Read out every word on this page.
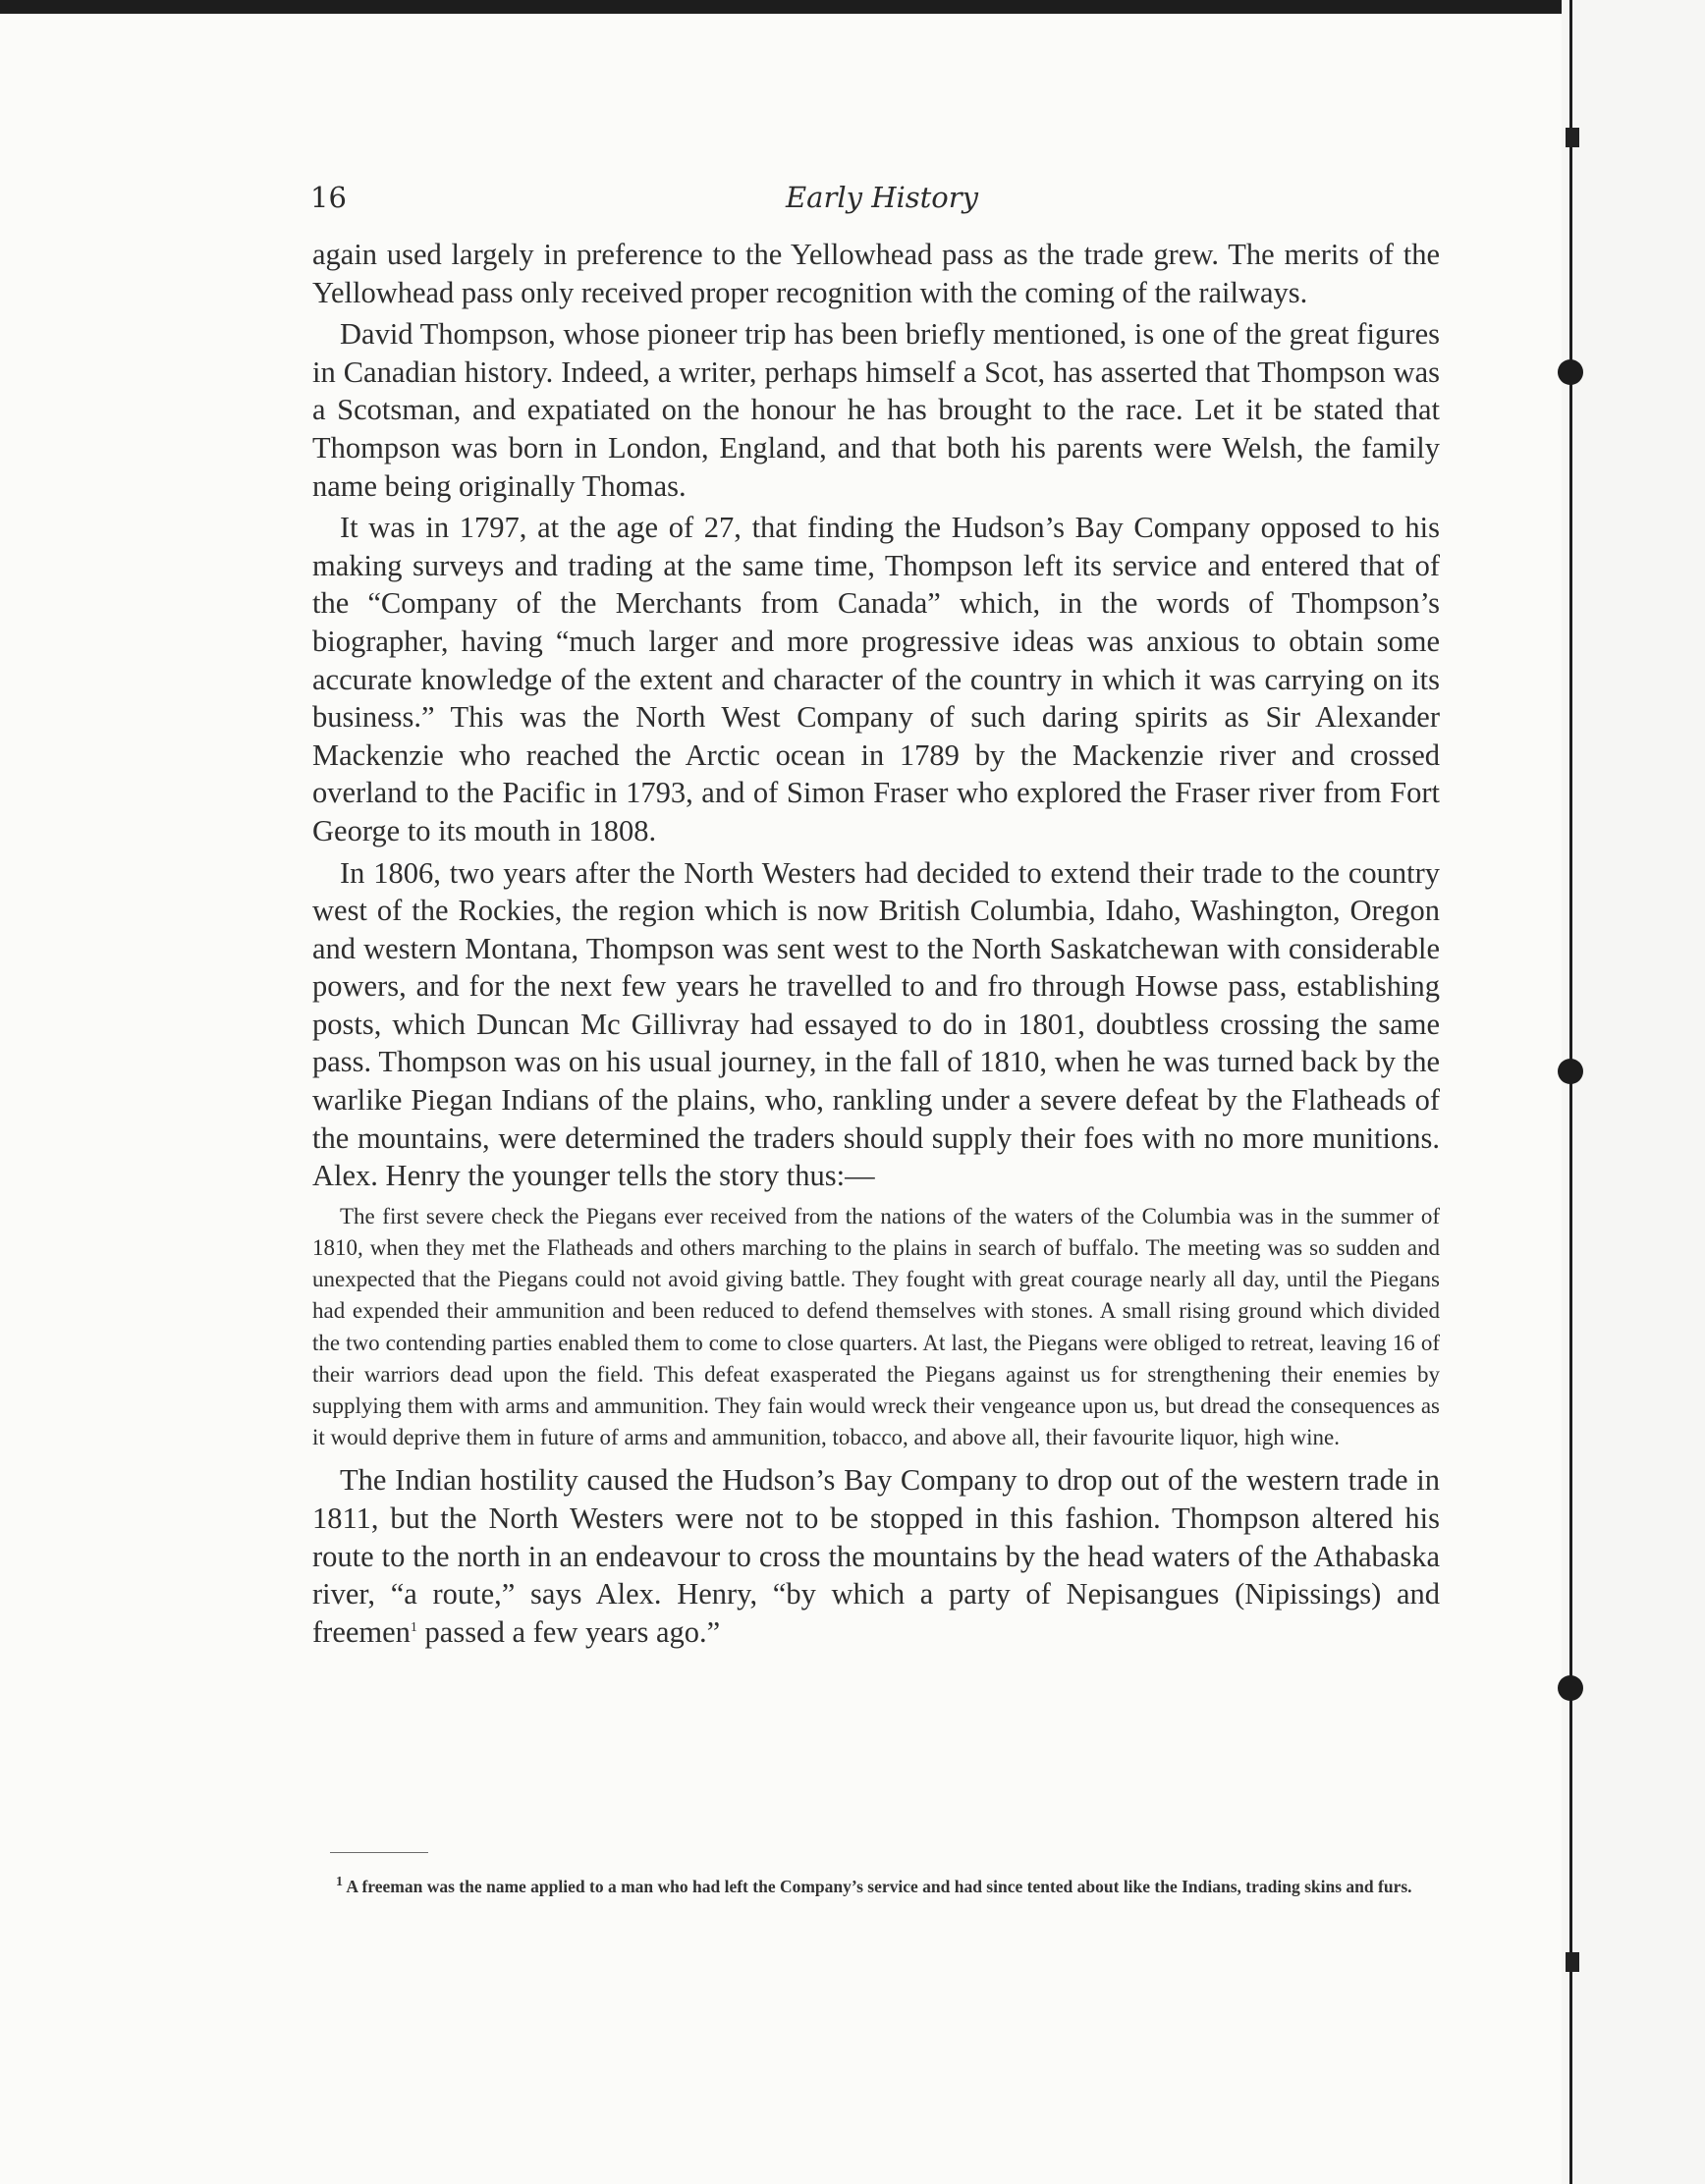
16	Early History

again used largely in preference to the Yellowhead pass as the trade grew. The merits of the Yellowhead pass only received proper recognition with the coming of the railways.

David Thompson, whose pioneer trip has been briefly mentioned, is one of the great figures in Canadian history. Indeed, a writer, perhaps himself a Scot, has asserted that Thompson was a Scotsman, and expatiated on the honour he has brought to the race. Let it be stated that Thompson was born in London, England, and that both his parents were Welsh, the family name being originally Thomas.

It was in 1797, at the age of 27, that finding the Hudson’s Bay Company opposed to his making surveys and trading at the same time, Thompson left its service and entered that of the “Company of the Merchants from Canada” which, in the words of Thompson’s biographer, having “much larger and more progressive ideas was anxious to obtain some accurate knowledge of the extent and character of the country in which it was carrying on its business.” This was the North West Company of such daring spirits as Sir Alexander Mackenzie who reached the Arctic ocean in 1789 by the Mackenzie river and crossed overland to the Pacific in 1793, and of Simon Fraser who explored the Fraser river from Fort George to its mouth in 1808.

In 1806, two years after the North Westers had decided to extend their trade to the country west of the Rockies, the region which is now British Columbia, Idaho, Washington, Oregon and western Montana, Thompson was sent west to the North Saskatchewan with considerable powers, and for the next few years he travelled to and fro through Howse pass, establishing posts, which Duncan Mc Gillivray had essayed to do in 1801, doubtless crossing the same pass. Thompson was on his usual journey, in the fall of 1810, when he was turned back by the warlike Piegan Indians of the plains, who, rankling under a severe defeat by the Flatheads of the mountains, were determined the traders should supply their foes with no more munitions. Alex. Henry the younger tells the story thus:—

The first severe check the Piegans ever received from the nations of the waters of the Columbia was in the summer of 1810, when they met the Flatheads and others marching to the plains in search of buffalo. The meeting was so sudden and unexpected that the Piegans could not avoid giving battle. They fought with great courage nearly all day, until the Piegans had expended their ammunition and been reduced to defend themselves with stones. A small rising ground which divided the two contending parties enabled them to come to close quarters. At last, the Piegans were obliged to retreat, leaving 16 of their warriors dead upon the field. This defeat exasperated the Piegans against us for strengthening their enemies by supplying them with arms and ammunition. They fain would wreck their vengeance upon us, but dread the consequences as it would deprive them in future of arms and ammunition, tobacco, and above all, their favourite liquor, high wine.

The Indian hostility caused the Hudson’s Bay Company to drop out of the western trade in 1811, but the North Westers were not to be stopped in this fashion. Thompson altered his route to the north in an endeavour to cross the mountains by the head waters of the Athabaska river, “a route,” says Alex. Henry, “by which a party of Nepisangues (Nipissings) and freemen$^1$ passed a few years ago.”

$^1$ A freeman was the name applied to a man who had left the Company’s service and had since tented about like the Indians, trading skins and furs.
